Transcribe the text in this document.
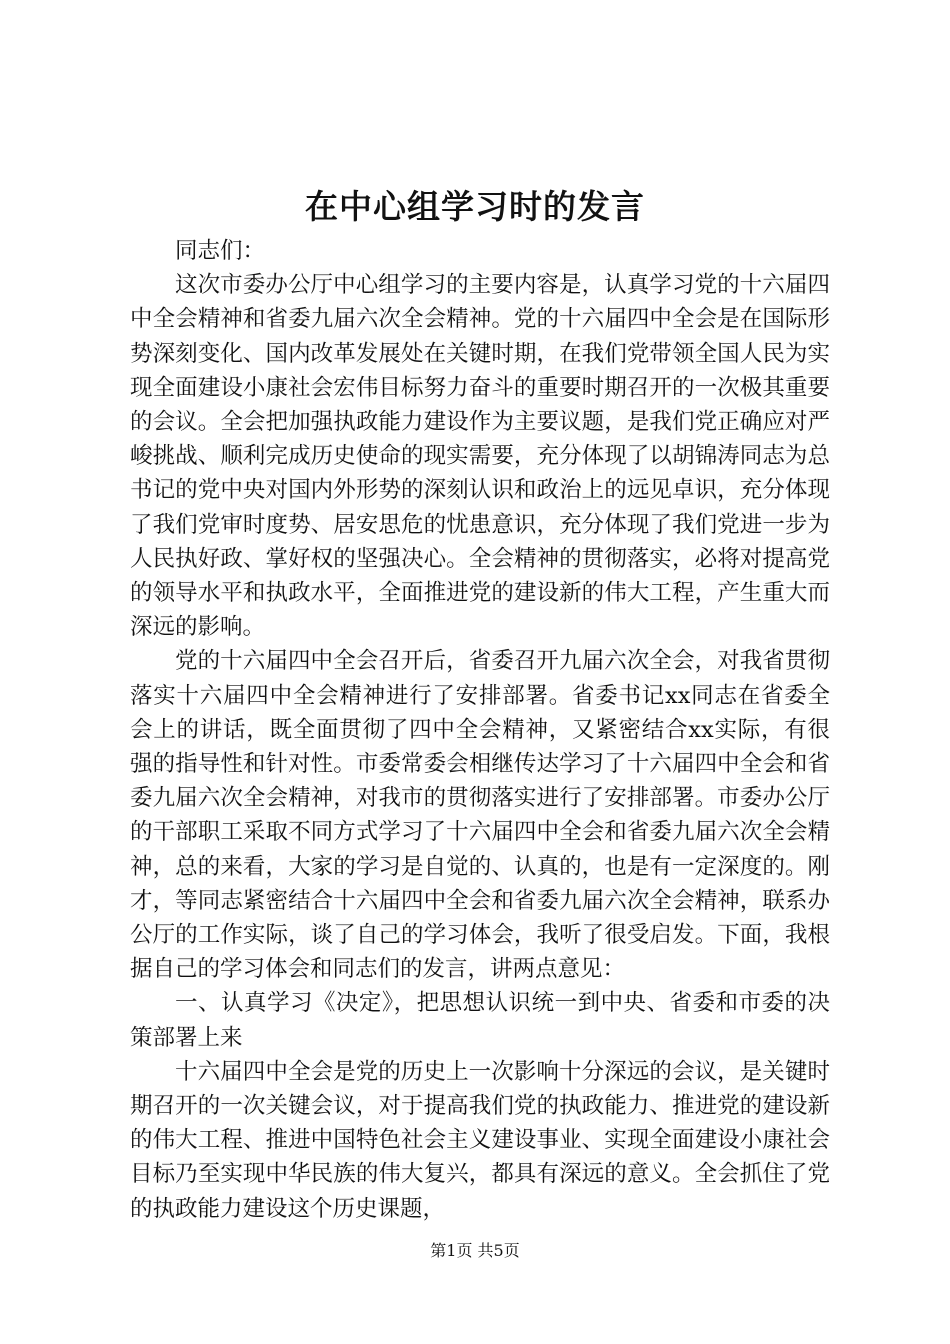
在中心组学习时的发言

同志们：

这次市委办公厅中心组学习的主要内容是，认真学习党的十六届四中全会精神和省委九届六次全会精神。党的十六届四中全会是在国际形势深刻变化、国内改革发展处在关键时期，在我们党带领全国人民为实现全面建设小康社会宏伟目标努力奋斗的重要时期召开的一次极其重要的会议。全会把加强执政能力建设作为主要议题，是我们党正确应对严峻挑战、顺利完成历史使命的现实需要，充分体现了以胡锦涛同志为总书记的党中央对国内外形势的深刻认识和政治上的远见卓识，充分体现了我们党审时度势、居安思危的忧患意识，充分体现了我们党进一步为人民执好政、掌好权的坚强决心。全会精神的贯彻落实，必将对提高党的领导水平和执政水平，全面推进党的建设新的伟大工程，产生重大而深远的影响。

党的十六届四中全会召开后，省委召开九届六次全会，对我省贯彻落实十六届四中全会精神进行了安排部署。省委书记xx同志在省委全会上的讲话，既全面贯彻了四中全会精神，又紧密结合xx实际，有很强的指导性和针对性。市委常委会相继传达学习了十六届四中全会和省委九届六次全会精神，对我市的贯彻落实进行了安排部署。市委办公厅的干部职工采取不同方式学习了十六届四中全会和省委九届六次全会精神，总的来看，大家的学习是自觉的、认真的，也是有一定深度的。刚才，等同志紧密结合十六届四中全会和省委九届六次全会精神，联系办公厅的工作实际，谈了自己的学习体会，我听了很受启发。下面，我根据自己的学习体会和同志们的发言，讲两点意见：

一、认真学习《决定》，把思想认识统一到中央、省委和市委的决策部署上来

十六届四中全会是党的历史上一次影响十分深远的会议，是关键时期召开的一次关键会议，对于提高我们党的执政能力、推进党的建设新的伟大工程、推进中国特色社会主义建设事业、实现全面建设小康社会目标乃至实现中华民族的伟大复兴，都具有深远的意义。全会抓住了党的执政能力建设这个历史课题，

第1页 共5页
